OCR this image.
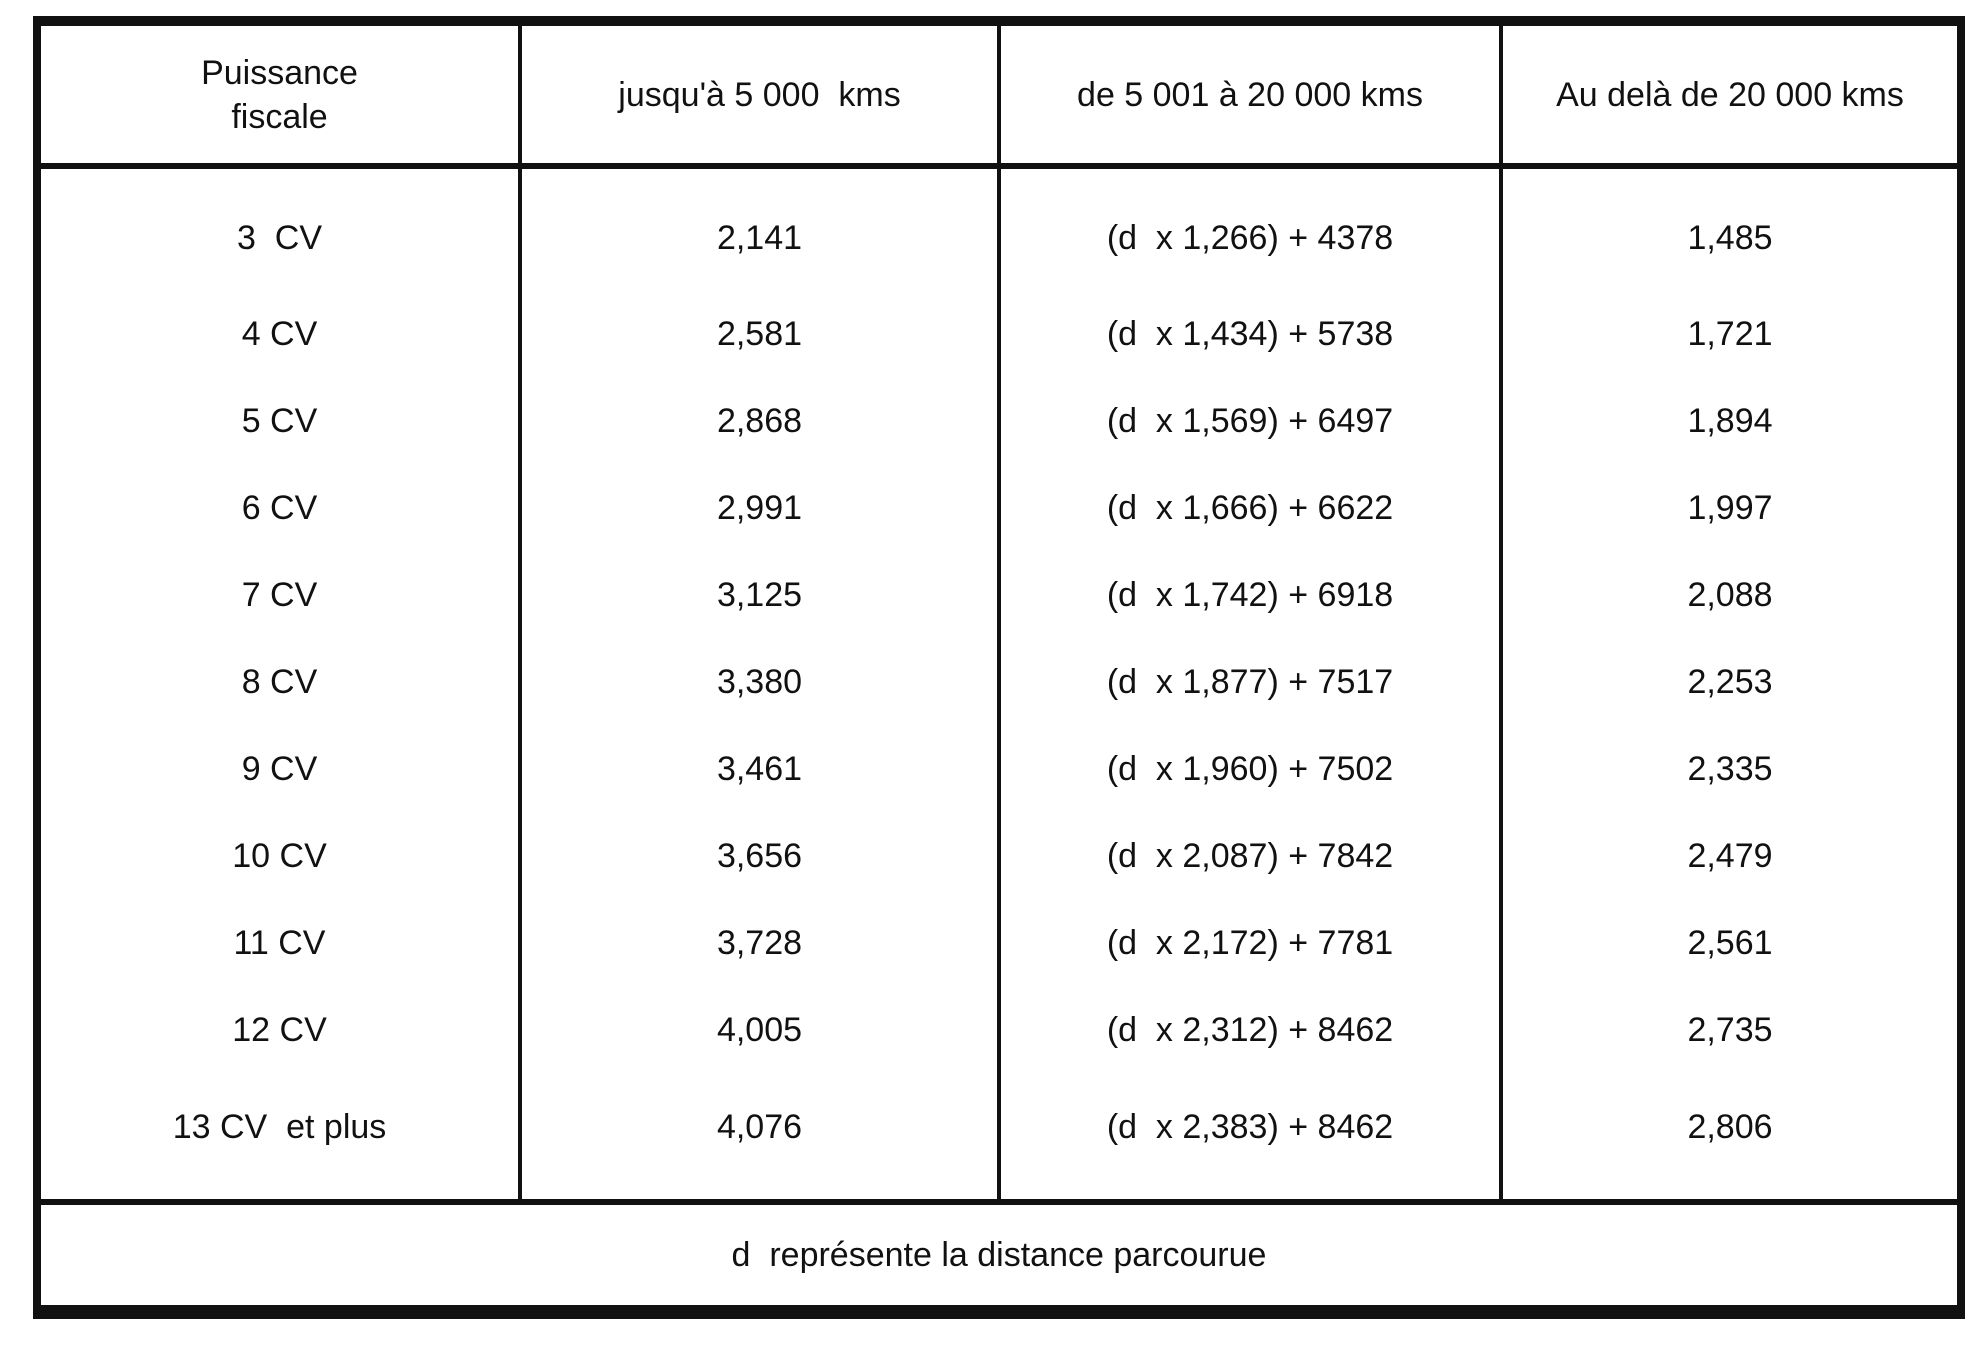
Puissance
fiscale	jusqu'à 5 000  kms	de 5 001 à 20 000 kms	Au delà de 20 000 kms
3  CV	2,141	(d  x 1,266) + 4378	1,485
4 CV	2,581	(d  x 1,434) + 5738	1,721
5 CV	2,868	(d  x 1,569) + 6497	1,894
6 CV	2,991	(d  x 1,666) + 6622	1,997
7 CV	3,125	(d  x 1,742) + 6918	2,088
8 CV	3,380	(d  x 1,877) + 7517	2,253
9 CV	3,461	(d  x 1,960) + 7502	2,335
10 CV	3,656	(d  x 2,087) + 7842	2,479
11 CV	3,728	(d  x 2,172) + 7781	2,561
12 CV	4,005	(d  x 2,312) + 8462	2,735
13 CV  et plus	4,076	(d  x 2,383) + 8462	2,806
d  représente la distance parcourue			
